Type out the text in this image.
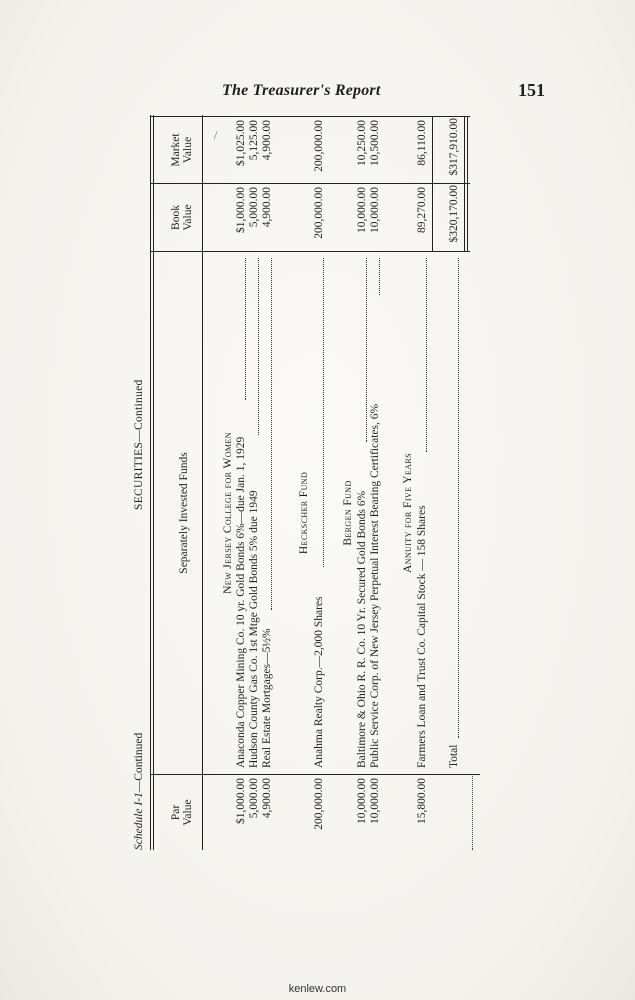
The Treasurer's Report	151
Schedule I-1—Continued
SECURITIES—Continued
Par Value
Separately Invested Funds
Book Value
Market Value
New Jersey College for Women
$1,000.00
Anaconda Copper Mining Co. 10 yr. Gold Bonds 6%—due Jan. 1, 1929
$1,000.00
$1,025.00
5,000.00
Hudson County Gas Co. 1st Mtge Gold Bonds 5% due 1949
5,000.00
5,125.00
4,900.00
Real Estate Mortgages—5½%
4,900.00
4,900.00
Heckscher Fund
200,000.00
Anahma Realty Corp.—2,000 Shares
200,000.00
200,000.00
Bergen Fund
10,000.00
Baltimore & Ohio R. R. Co. 10 Yr. Secured Gold Bonds 6%
10,000.00
10,250.00
10,000.00
Public Service Corp. of New Jersey Perpetual Interest Bearing Certificates, 6%
10,000.00
10,500.00
Annuity for Five Years
15,800.00
Farmers Loan and Trust Co. Capital Stock — 158 Shares
89,270.00
86,110.00
Total
$320,170.00
$317,910.00
/
kenlew.com
